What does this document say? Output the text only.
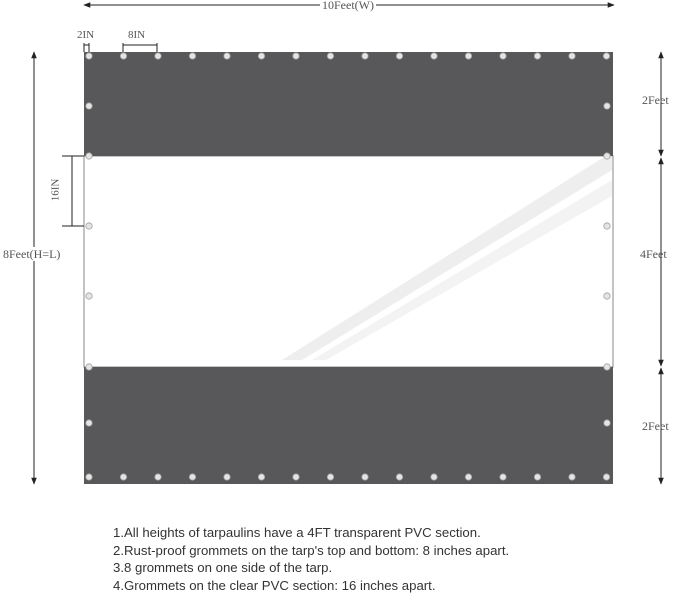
10Feet(W)
2IN	8IN
8Feet(H=L)
16IN
2Feet
4Feet
2Feet
1.All heights of tarpaulins have a 4FT transparent PVC section.
2.Rust-proof grommets on the tarp's top and bottom: 8 inches apart.
3.8 grommets on one side of the tarp.
4.Grommets on the clear PVC section: 16 inches apart.
